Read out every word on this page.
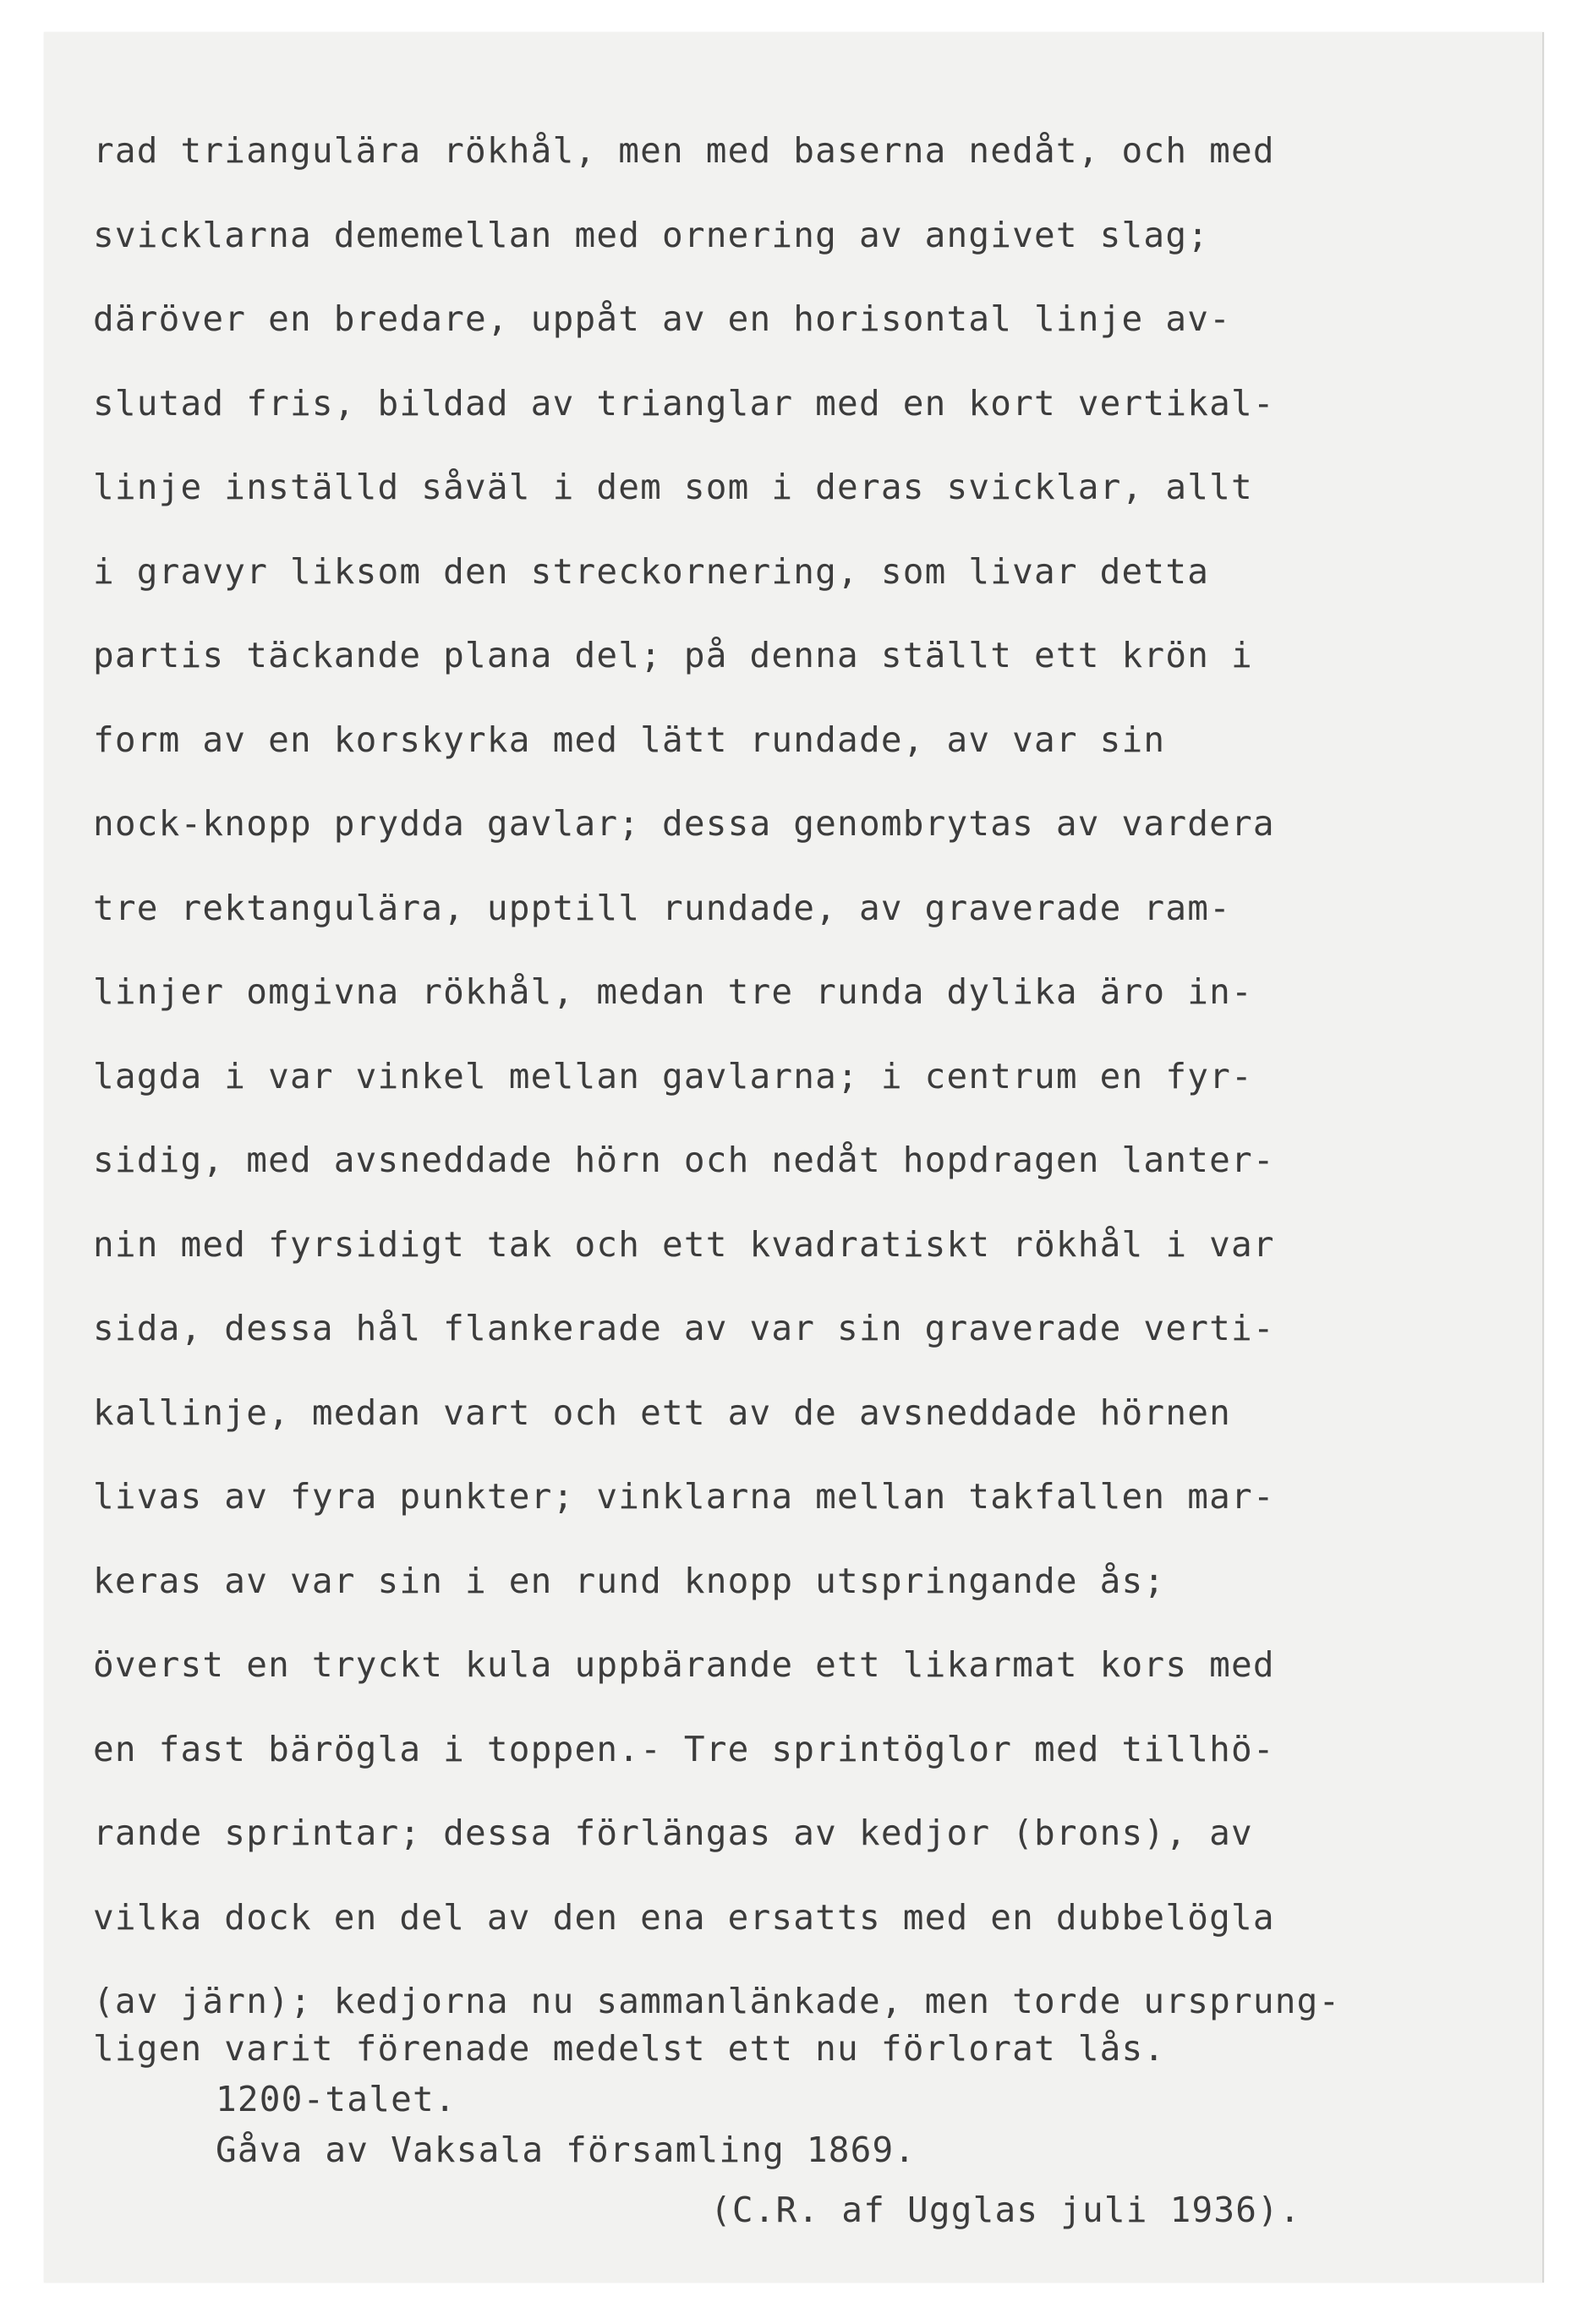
rad triangulära rökhål, men med baserna nedåt, och med
svicklarna dememellan med ornering av angivet slag;
däröver en bredare, uppåt av en horisontal linje av-
slutad fris, bildad av trianglar med en kort vertikal-
linje inställd såväl i dem som i deras svicklar, allt
i gravyr liksom den streckornering, som livar detta
partis täckande plana del; på denna ställt ett krön i
form av en korskyrka med lätt rundade, av var sin
nock-knopp prydda gavlar; dessa genombrytas av vardera
tre rektangulära, upptill rundade, av graverade ram-
linjer omgivna rökhål, medan tre runda dylika äro in-
lagda i var vinkel mellan gavlarna; i centrum en fyr-
sidig, med avsneddade hörn och nedåt hopdragen lanter-
nin med fyrsidigt tak och ett kvadratiskt rökhål i var
sida, dessa hål flankerade av var sin graverade verti-
kallinje, medan vart och ett av de avsneddade hörnen
livas av fyra punkter; vinklarna mellan takfallen mar-
keras av var sin i en rund knopp utspringande ås;
överst en tryckt kula uppbärande ett likarmat kors med
en fast bärögla i toppen.- Tre sprintöglor med tillhö-
rande sprintar; dessa förlängas av kedjor (brons), av
vilka dock en del av den ena ersatts med en dubbelögla
(av järn); kedjorna nu sammanlänkade, men torde ursprung-
ligen varit förenade medelst ett nu förlorat lås.
1200-talet.
Gåva av Vaksala församling 1869.
(C.R. af Ugglas juli 1936).
